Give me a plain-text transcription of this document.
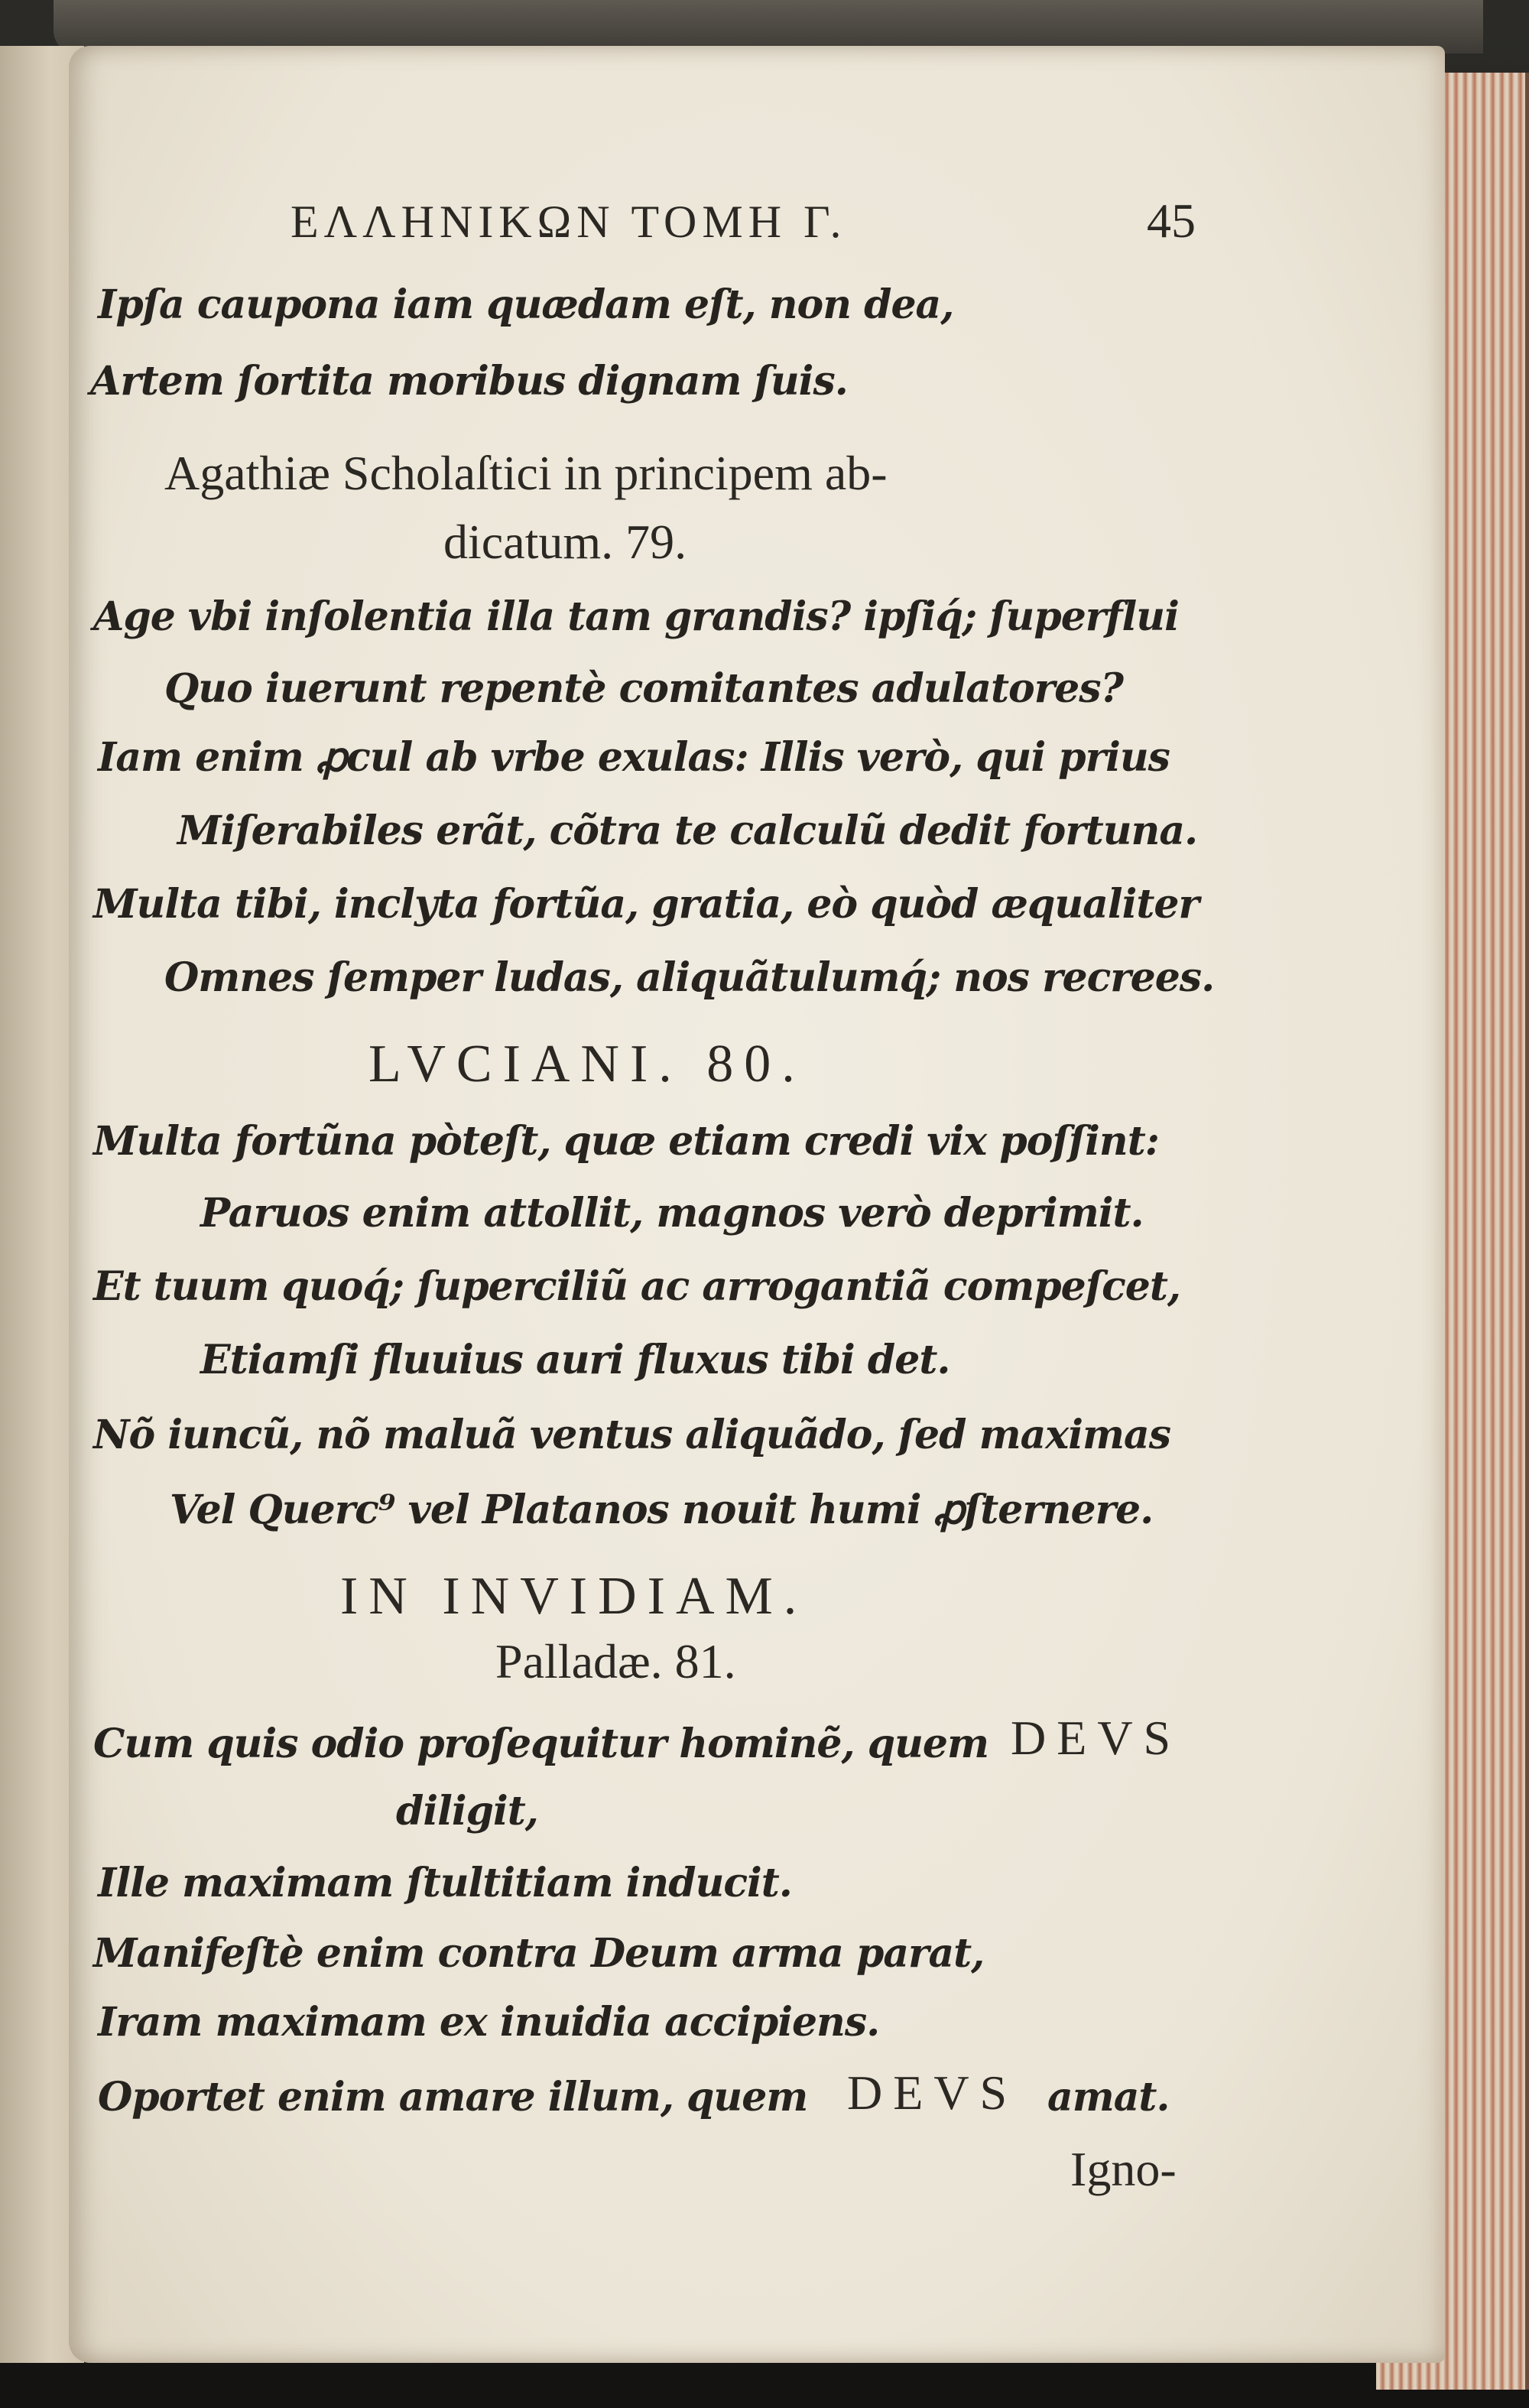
ΕΛΛΗΝΙΚΩΝ ΤΟΜΗ Γ.	45
Ipſa caupona iam quædam eſt, non dea,
Artem ſortita moribus dignam ſuis.
Agathiæ Scholaſtici in principem ab-
dicatum. 79.
Age vbi inſolentia illa tam grandis? ipſiq́; ſuperflui
Quo iuerunt repentè comitantes adulatores?
Iam enim ꝓcul ab vrbe exulas: Illis verò, qui prius
Miſerabiles erãt, cõtra te calculũ dedit fortuna.
Multa tibi, inclyta fortũa, gratia, eò quòd æqualiter
Omnes ſemper ludas, aliquãtulumq́; nos recrees.
LVCIANI. 80.
Multa fortũna pòteſt, quæ etiam credi vix poſſint:
Paruos enim attollit, magnos verò deprimit.
Et tuum quoq́; ſuperciliũ ac arrogantiã compeſcet,
Etiamſi fluuius auri fluxus tibi det.
Nõ iuncũ, nõ maluã ventus aliquãdo, ſed maximas
Vel Querc⁹ vel Platanos nouit humi ꝓſternere.
IN INVIDIAM.
Palladæ. 81.
Cum quis odio proſequitur hominẽ, quem DEVS
diligit,
Ille maximam ſtultitiam inducit.
Manifeſtè enim contra Deum arma parat,
Iram maximam ex inuidia accipiens.
Oportet enim amare illum, quem DEVS amat.
Igno-
